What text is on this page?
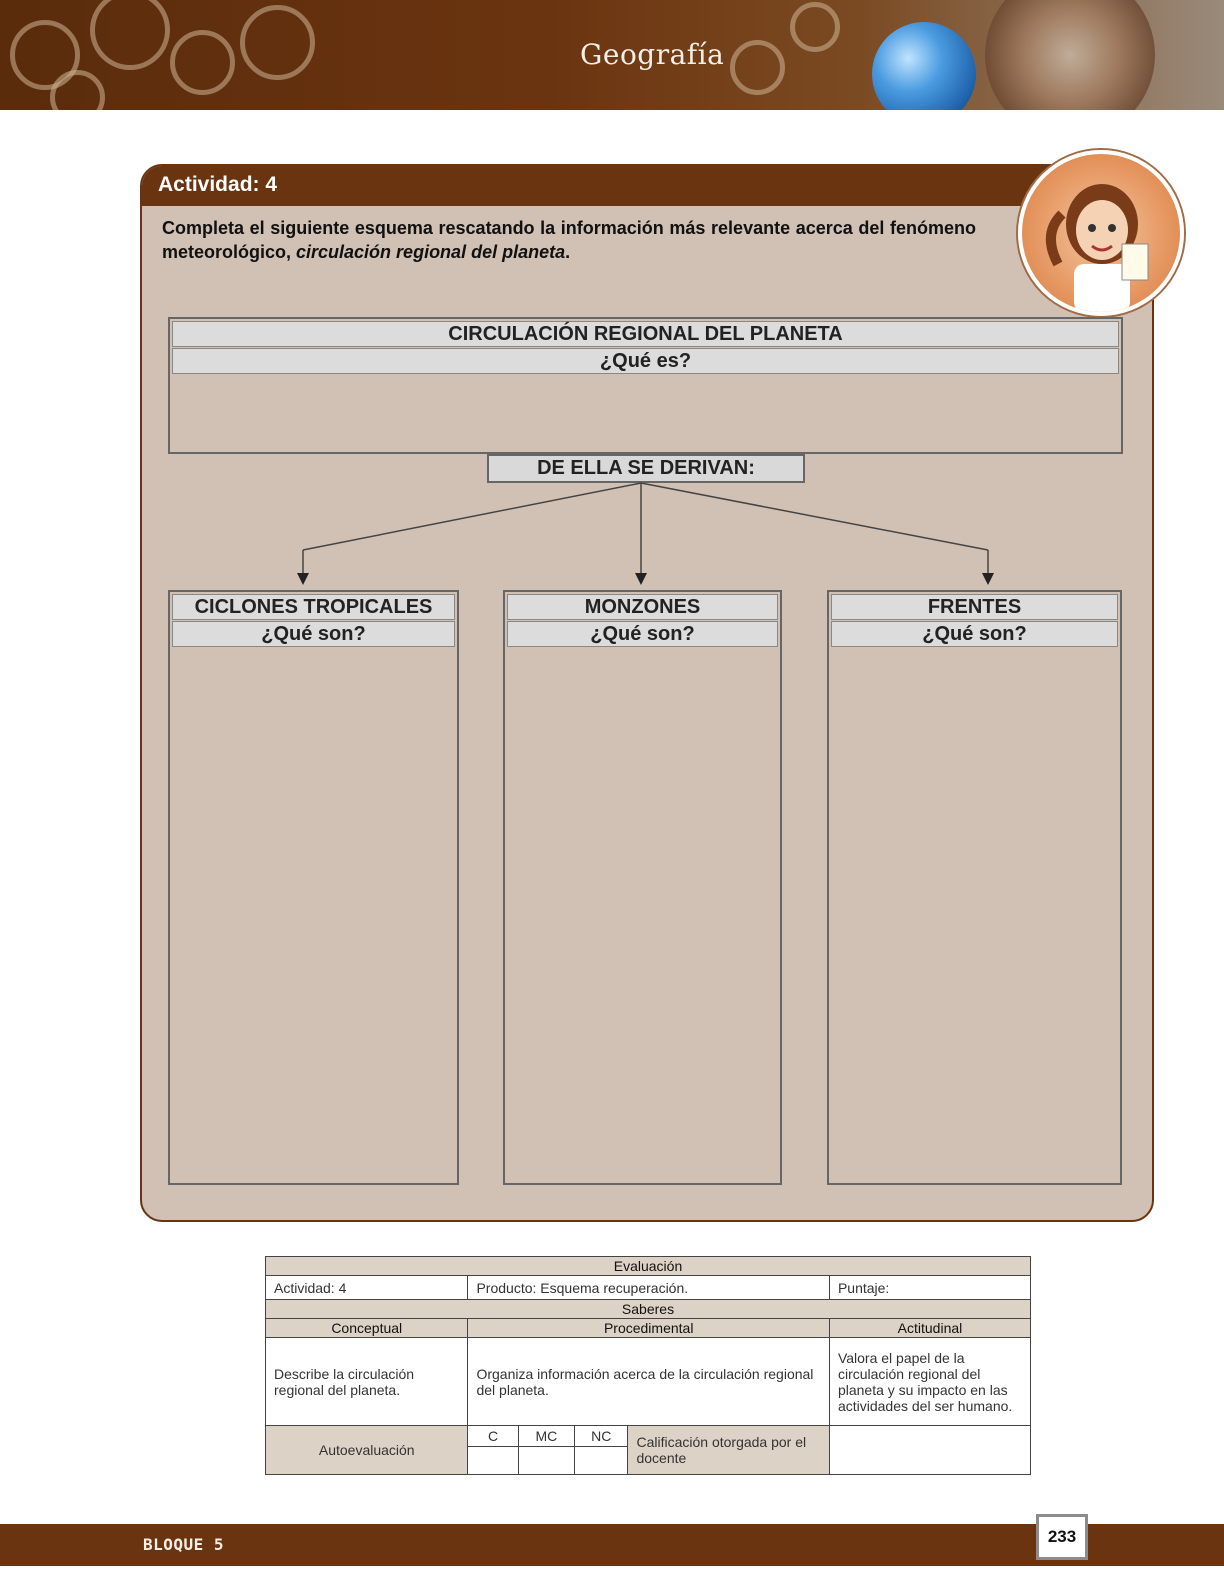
Geografía
Actividad: 4
Completa el siguiente esquema rescatando la información más relevante acerca del fenómeno meteorológico, circulación regional del planeta.
CIRCULACIÓN REGIONAL DEL PLANETA
¿Qué es?
DE ELLA SE DERIVAN:
CICLONES TROPICALES
¿Qué son?
MONZONES
¿Qué son?
FRENTES
¿Qué son?
Evaluación					
Actividad: 4	Producto: Esquema recuperación.				Puntaje:
Saberes					
Conceptual	Procedimental				Actitudinal
Describe la circulación regional del planeta.	Organiza información acerca de la circulación regional del planeta.				Valora el papel de la circulación regional del planeta y su impacto en las actividades del ser humano.
Autoevaluación	C	MC	NC	Calificación otorgada por el docente	

BLOQUE 5	233
